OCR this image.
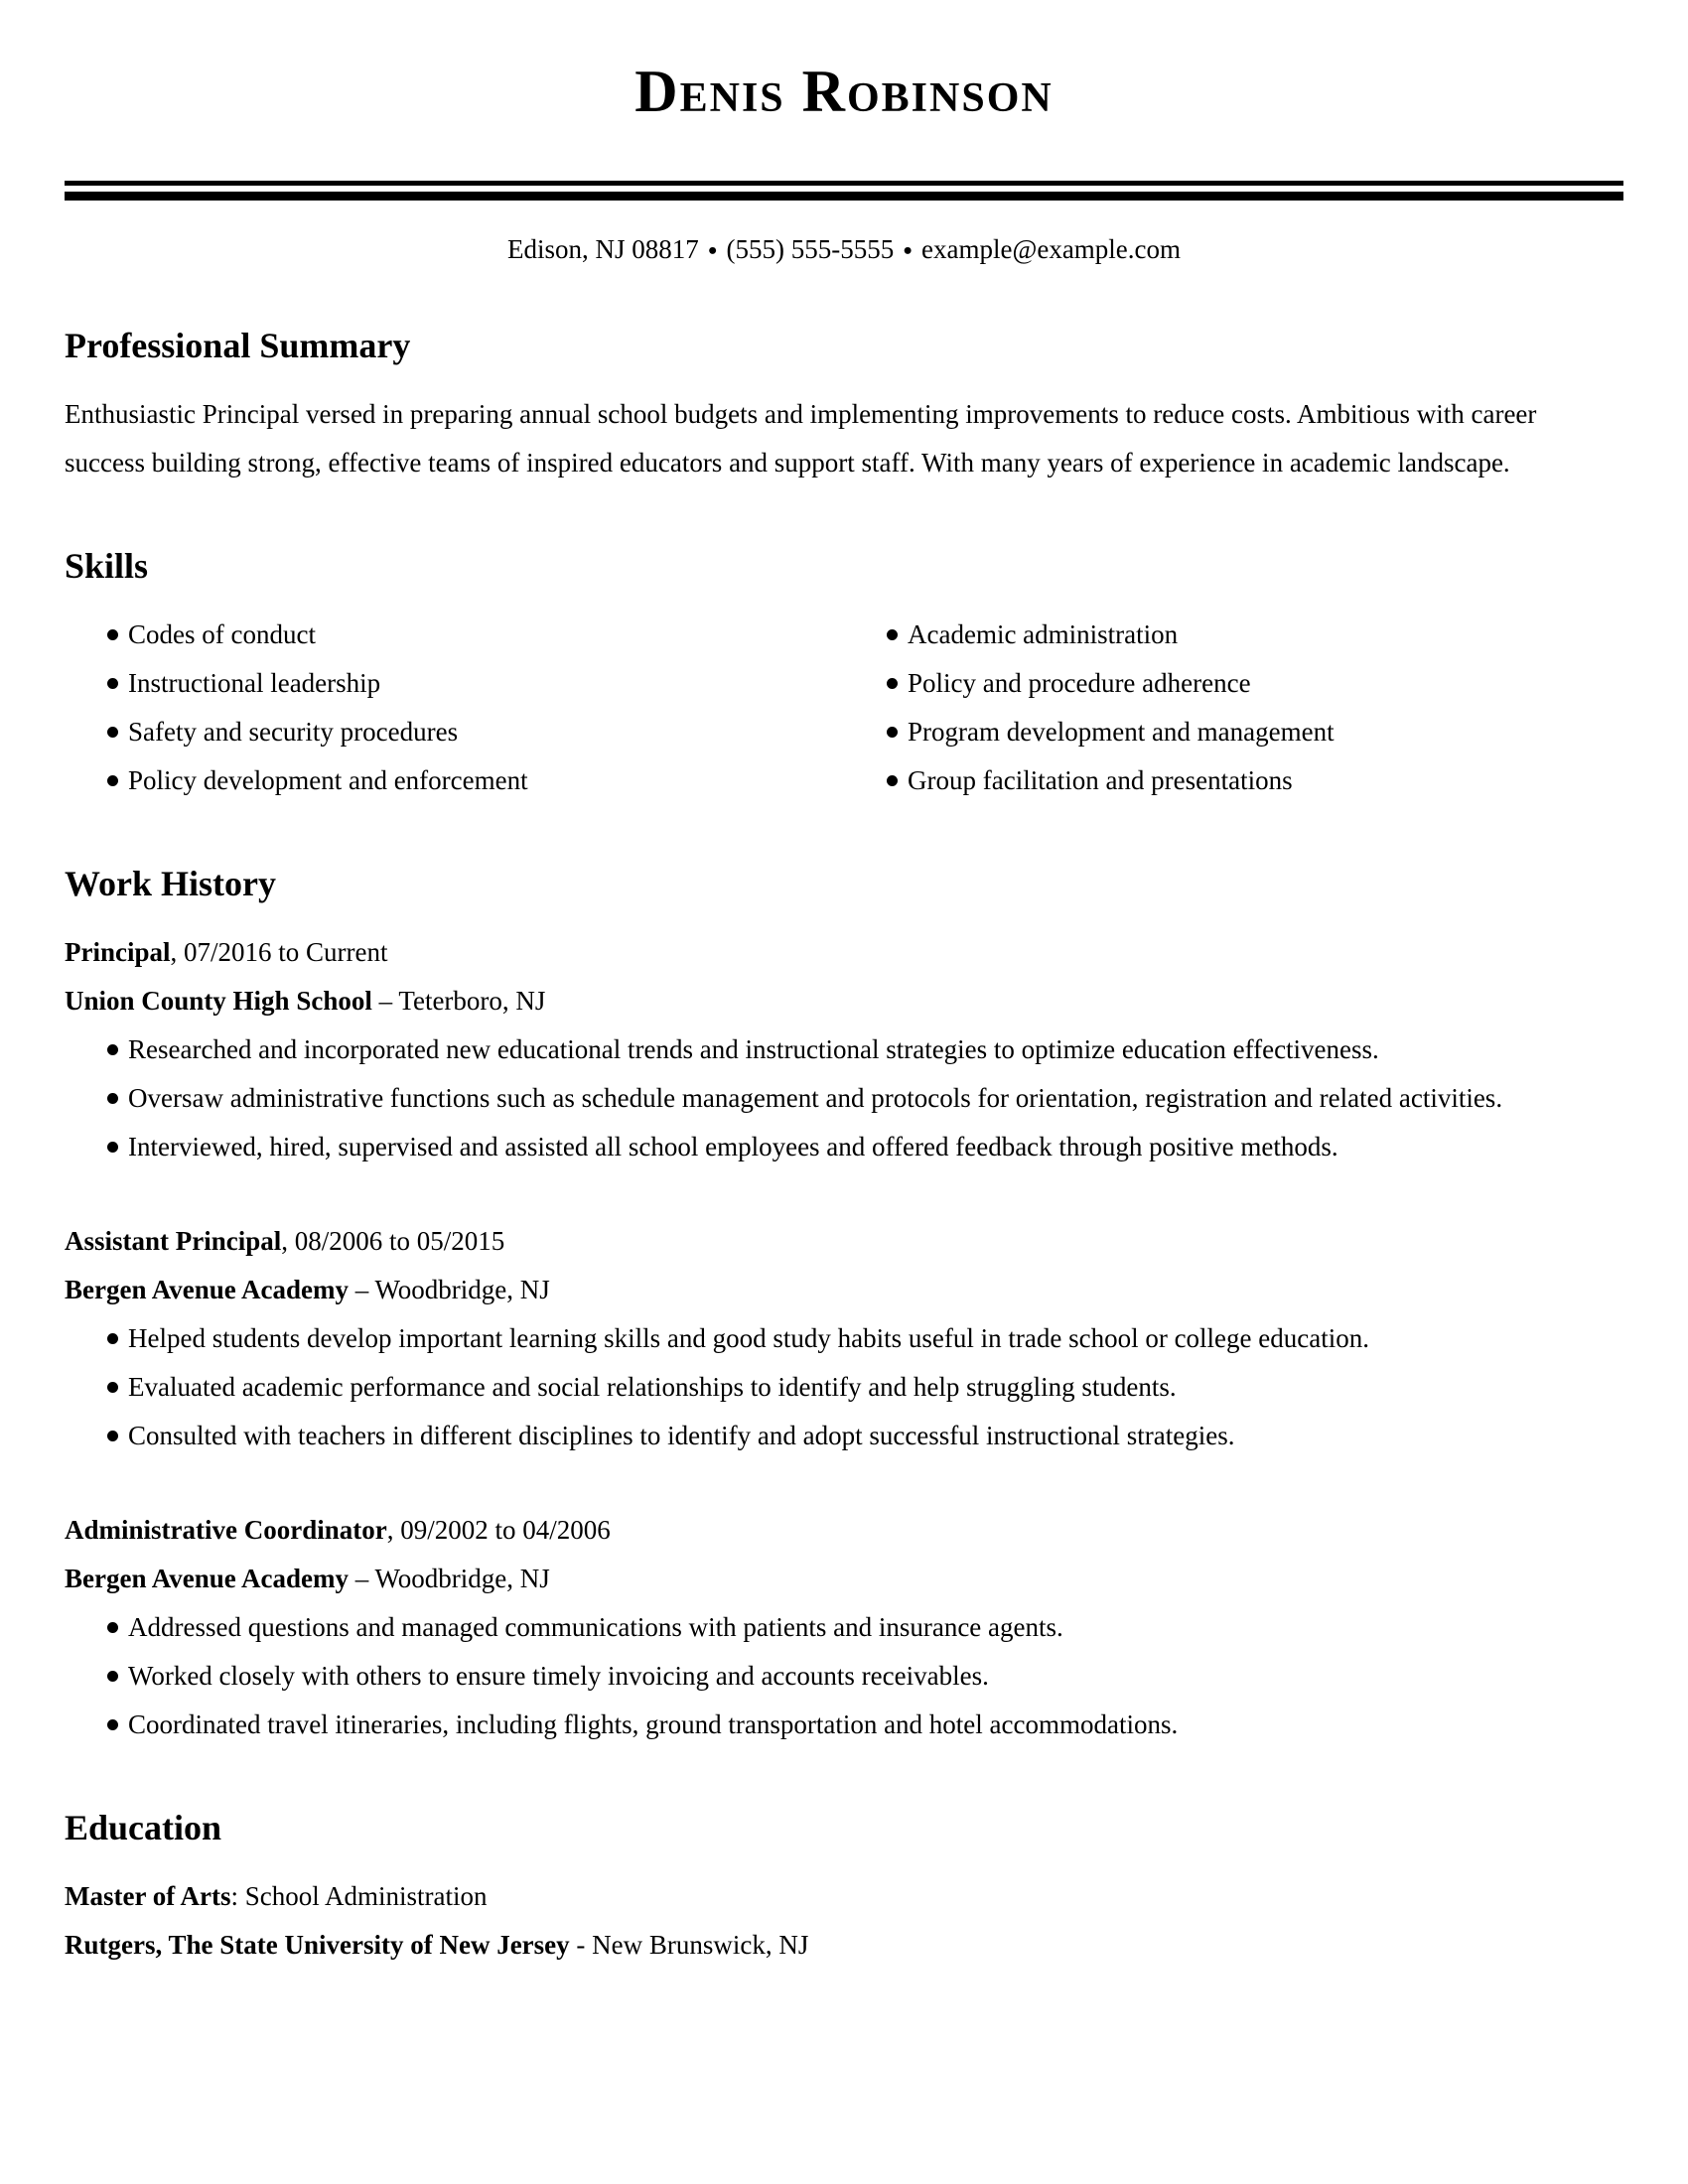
Denis Robinson

Edison, NJ 08817 ● (555) 555-5555 ● example@example.com

Professional Summary

Enthusiastic Principal versed in preparing annual school budgets and implementing improvements to reduce costs. Ambitious with career success building strong, effective teams of inspired educators and support staff. With many years of experience in academic landscape.

Skills
Codes of conduct
Instructional leadership
Safety and security procedures
Policy development and enforcement
Academic administration
Policy and procedure adherence
Program development and management
Group facilitation and presentations
Work History

Principal, 07/2016 to Current

Union County High School – Teterboro, NJ

Researched and incorporated new educational trends and instructional strategies to optimize education effectiveness.
Oversaw administrative functions such as schedule management and protocols for orientation, registration and related activities.
Interviewed, hired, supervised and assisted all school employees and offered feedback through positive methods.

Assistant Principal, 08/2006 to 05/2015

Bergen Avenue Academy – Woodbridge, NJ

Helped students develop important learning skills and good study habits useful in trade school or college education.
Evaluated academic performance and social relationships to identify and help struggling students.
Consulted with teachers in different disciplines to identify and adopt successful instructional strategies.

Administrative Coordinator, 09/2002 to 04/2006

Bergen Avenue Academy – Woodbridge, NJ

Addressed questions and managed communications with patients and insurance agents.
Worked closely with others to ensure timely invoicing and accounts receivables.
Coordinated travel itineraries, including flights, ground transportation and hotel accommodations.
Education

Master of Arts: School Administration

Rutgers, The State University of New Jersey - New Brunswick, NJ
